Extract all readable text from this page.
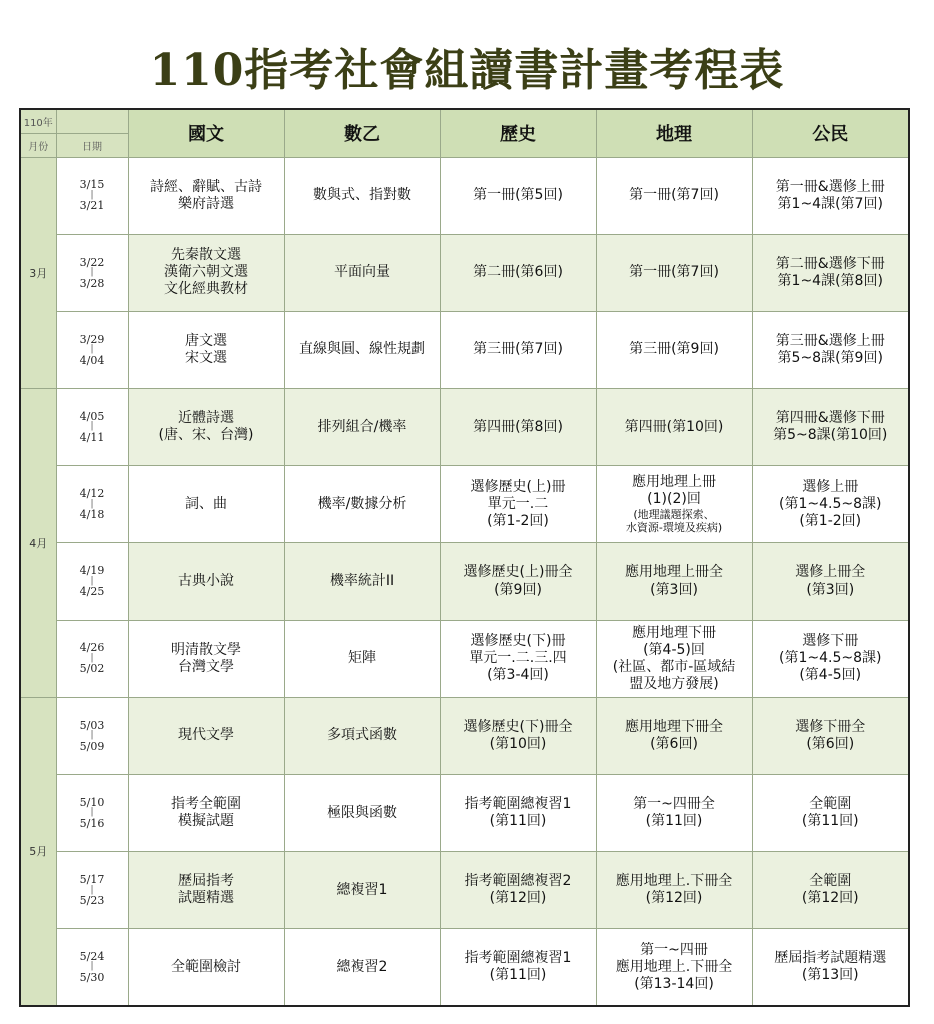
110指考社會組讀書計畫考程表
110年		國文	數乙	歷史	地理	公民
月份	日期					
3月	3/15
|
3/21	詩經、辭賦、古詩
樂府詩選	數與式、指對數	第一冊(第5回)	第一冊(第7回)	第一冊&選修上冊
第1~4課(第7回)

	3/22
|
3/28	先秦散文選
漢衛六朝文選
文化經典教材	平面向量	第二冊(第6回)	第一冊(第7回)	第二冊&選修下冊
第1~4課(第8回)

	3/29
|
4/04	唐文選
宋文選	直線與圓、線性規劃	第三冊(第7回)	第三冊(第9回)	第三冊&選修上冊
第5~8課(第9回)

4月	4/05
|
4/11	近體詩選
(唐、宋、台灣)	排列組合/機率	第四冊(第8回)	第四冊(第10回)	第四冊&選修下冊
第5~8課(第10回)

	4/12
|
4/18	詞、曲	機率/數據分析	選修歷史(上)冊
單元一.二
(第1-2回)	應用地理上冊
(1)(2)回
(地理議題探索、
水資源-環境及疾病)	選修上冊
(第1~4.5~8課)
(第1-2回)

	4/19
|
4/25	古典小說	機率統計II	選修歷史(上)冊全
(第9回)	應用地理上冊全
(第3回)	選修上冊全
(第3回)

	4/26
|
5/02	明清散文學
台灣文學	矩陣	選修歷史(下)冊
單元一.二.三.四
(第3-4回)	應用地理下冊
(第4-5)回
(社區、都市-區域結
盟及地方發展)	選修下冊
(第1~4.5~8課)
(第4-5回)

5月	5/03
|
5/09	現代文學	多項式函數	選修歷史(下)冊全
(第10回)	應用地理下冊全
(第6回)	選修下冊全
(第6回)

	5/10
|
5/16	指考全範圍
模擬試題	極限與函數	指考範圍總複習1
(第11回)	第一~四冊全
(第11回)	全範圍
(第11回)

	5/17
|
5/23	歷屆指考
試題精選	總複習1	指考範圍總複習2
(第12回)	應用地理上.下冊全
(第12回)	全範圍
(第12回)

	5/24
|
5/30	全範圍檢討	總複習2	指考範圍總複習1
(第11回)	第一~四冊
應用地理上.下冊全
(第13-14回)	歷屆指考試題精選
(第13回)
